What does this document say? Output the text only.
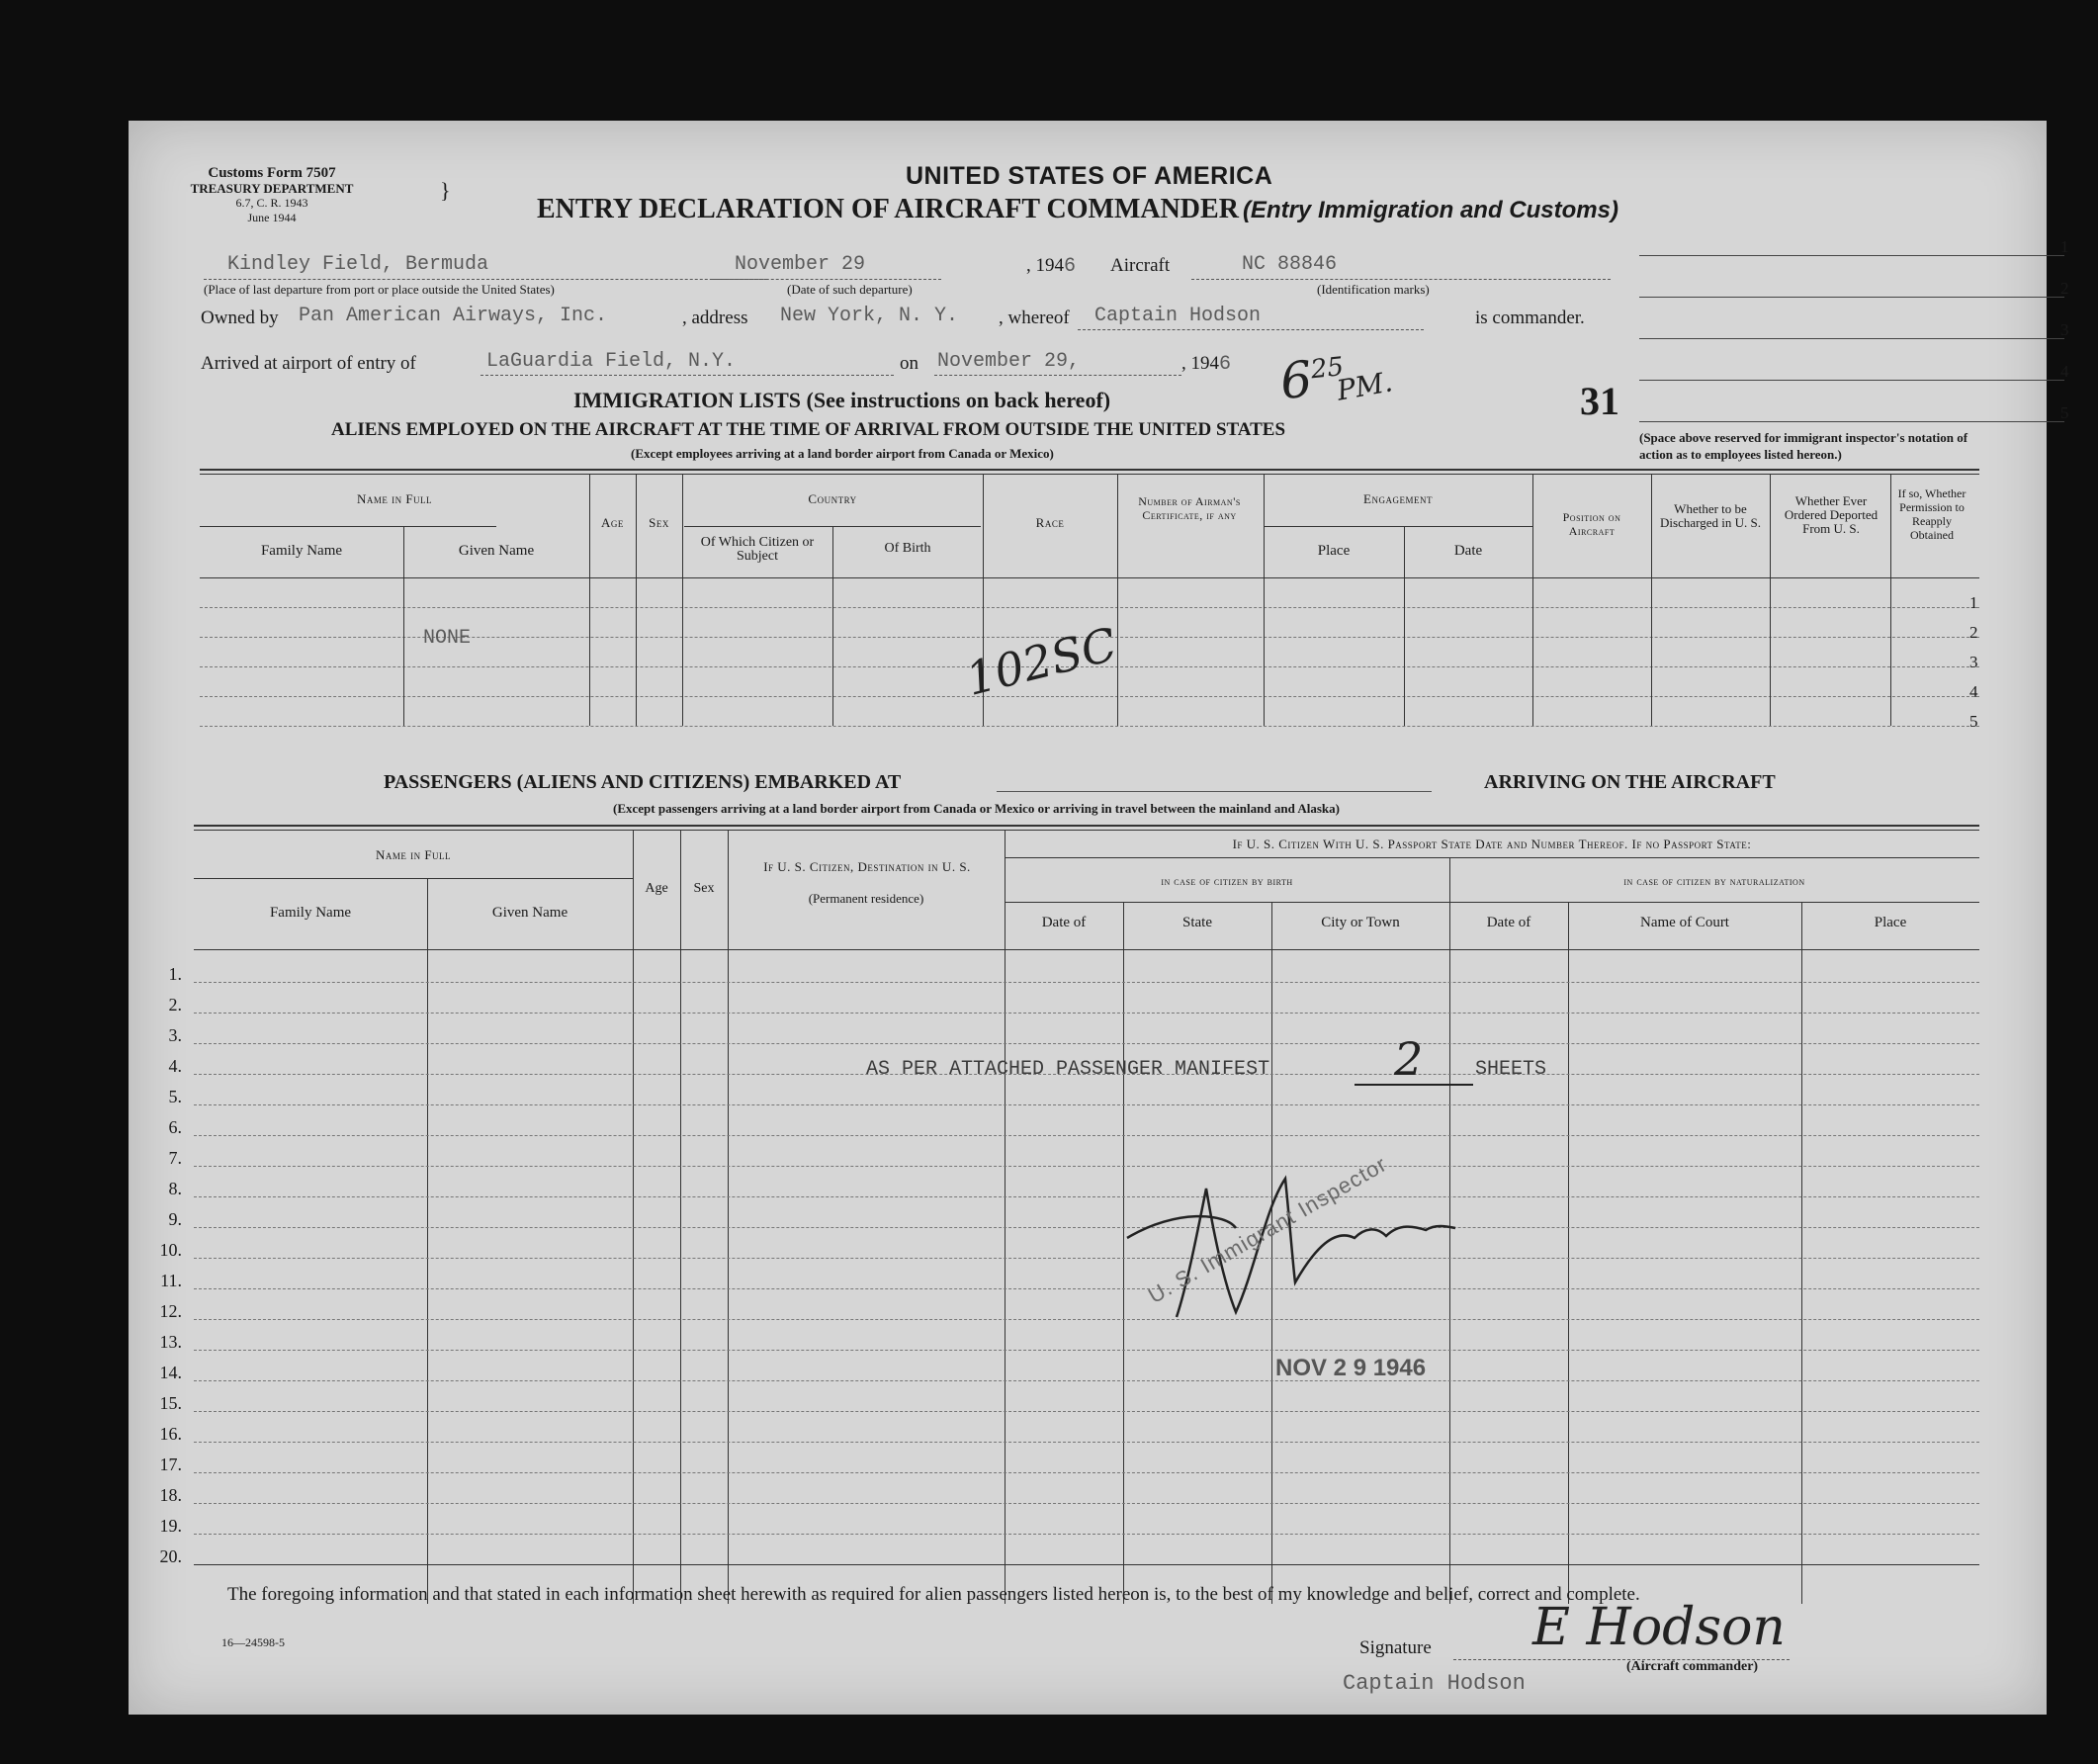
Customs Form 7507
TREASURY DEPARTMENT
6.7, C. R. 1943
June 1944
}
UNITED STATES OF AMERICA
ENTRY DECLARATION OF AIRCRAFT COMMANDER (Entry Immigration and Customs)
Kindley Field, Bermuda
(Place of last departure from port or place outside the United States)
November 29
(Date of such departure)
, 1946 Aircraft	NC 88846
(Identification marks)
Owned by Pan American Airways, Inc.	, address New York, N. Y. , whereof Captain Hodson	is commander.
Arrived at airport of entry of	LaGuardia Field, N.Y.	on November 29,	, 1946 $6^{25}$
PM.	31
1
2
3
4
5
(Space above reserved for immigrant inspector's notation of action as to employees listed hereon.)
IMMIGRATION LISTS (See instructions on back hereof)
ALIENS EMPLOYED ON THE AIRCRAFT AT THE TIME OF ARRIVAL FROM OUTSIDE THE UNITED STATES
(Except employees arriving at a land border airport from Canada or Mexico)
Name in Full
Family Name	Given Name
Age	Sex
Country
Of Which Citizen or Subject
Of Birth
Race
Number of Airman's Certificate, if any
Engagement
Place	Date
Position on Aircraft
Whether to be Discharged in U. S.
Whether Ever Ordered Deported From U. S.
If so, Whether Permission to Reapply Obtained
1
2
3
4
5
NONE	102SC
PASSENGERS (ALIENS AND CITIZENS) EMBARKED AT	ARRIVING ON THE AIRCRAFT
(Except passengers arriving at a land border airport from Canada or Mexico or arriving in travel between the mainland and Alaska)
Name in Full
Family Name	Given Name
Age	Sex
If U. S. Citizen, Destination in U. S.
(Permanent residence)
If U. S. Citizen With U. S. Passport State Date and Number Thereof. If no Passport State:
in case of citizen by birth	in case of citizen by naturalization
Date of	State	City or Town	Date of	Name of Court	Place
1.
2.
3.
4.
5.
6.
7.
8.
9.
10.
11.
12.
13.
14.
15.
16.
17.
18.
19.
20.
AS PER ATTACHED PASSENGER MANIFEST	2	SHEETS
U. S. Immigrant Inspector
NOV 2 9 1946
The foregoing information and that stated in each information sheet herewith as required for alien passengers listed hereon is, to the best of my knowledge and belief, correct and complete.
16—24598-5	Signature E Hodson
(Aircraft commander)
Captain Hodson
